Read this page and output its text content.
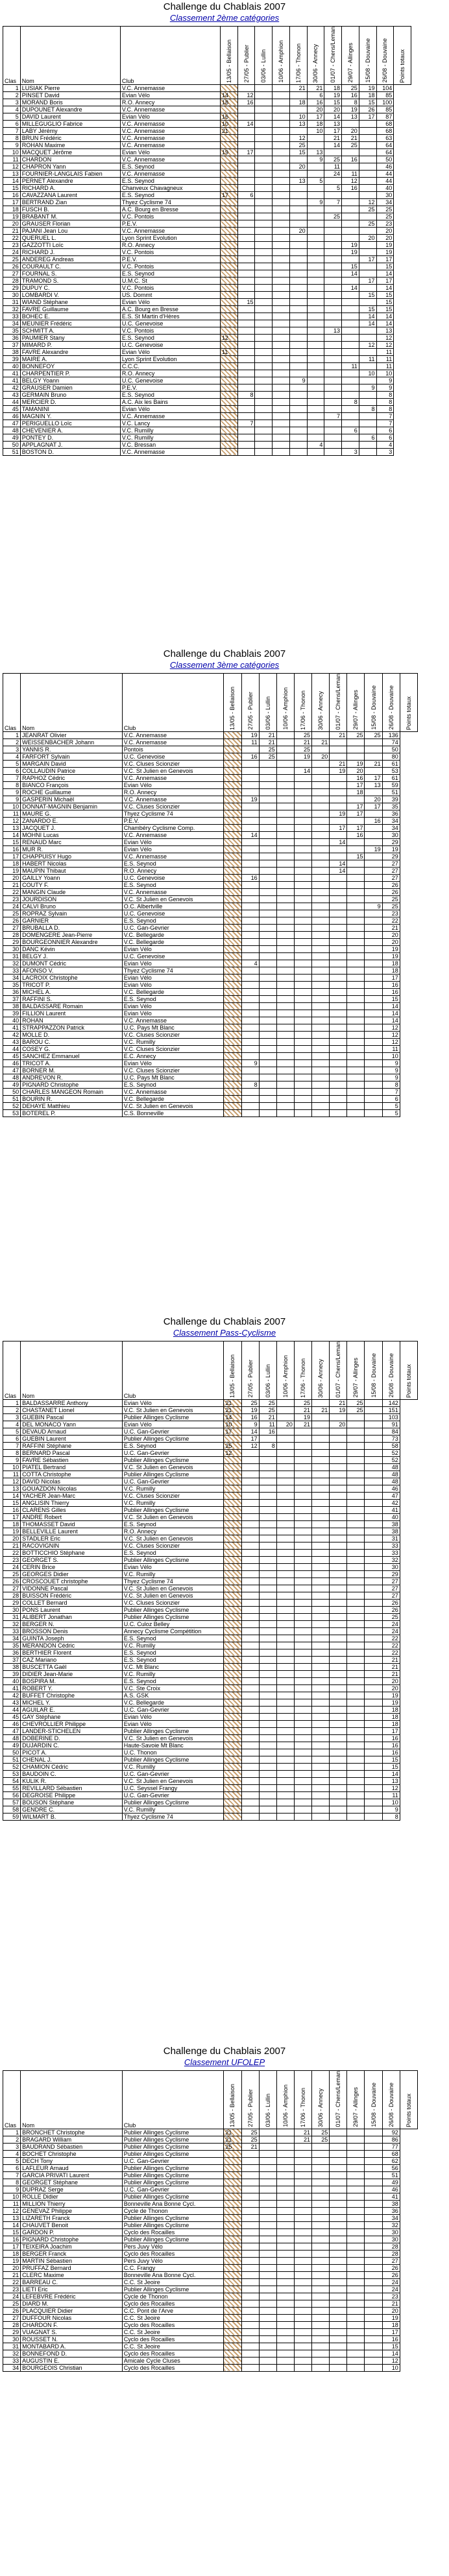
Challenge du Chablais 2007
Classement 2ème catégories
Clas	Nom	Club	13/05 - Bellaison	27/05 - Publier	03/06 - Lullin	10/06 - Amphion	17/06 - Thonon	30/06 - Annecy	01/07 - Chens/Leman	29/07 - Allinges	15/08 - Douvaine	26/08 - Douvaine	Points totaux
1	LUSIAK Pierre	V.C. Annemasse					21	21	18	25	19	104	
2	PINSET David	Evian Vélo	14	12				6	19	16	18	85	
3	MORAND Boris	R.O. Annecy	18	16			18	16	15	8	15	100	
4	DUPOUNET Alexandre	V.C. Annemasse						20	20	19	26	85	
5	DAVID Laurent	Evian Vélo	16				10	17	14	13	17	87	
6	MILLEGUGLIO Fabrice	V.C. Annemasse	10	14			13	18	13			68	
7	LABY Jérémy	V.C. Annemasse	21					10	17	20		68	
8	BRUN Frédéric	V.C. Annemasse					12		21	21		63	
9	ROHAN Maxime	V.C. Annemasse					25		14	25		64	
10	MACQUET Jérôme	Evian Vélo	19	17			15	13				64	
11	CHARDON	V.C. Annemasse						9	25	16		50	
12	CHAPRON Yann	E.S. Seynod					20		11			46	
13	FOURNIER-LANGLAIS Fabien	V.C. Annemasse							24	11		44	
14	PERNET Alexandre	E.S. Seynod					13	5		12		44	
15	RICHARD A.	Chanveux Chavagneux							5	16		40	
16	CAVAZZANA Laurent	E.S. Seynod	17	6								30	
17	BERTRAND Zian	Thyez Cyclisme 74						9	7		12	34	
18	FUSCH B.	A.C. Bourg en Bresse									25	25	
19	BRABANT M.	V.C. Pontois							25			25	
20	GRAUSER Florian	P.E.V.									25	23	
21	PAJANI Jean Lou	V.C. Annemasse					20					20	
22	QUERUEL L.	Lyon Sprint Evolution									20	20	
23	GAZZOTTI Loïc	R.O. Annecy								19		19	
24	RICHARD J.	V.C. Pontois								19		19	
25	ANDEREG Andreas	P.E.V.									17	17	
26	COURAULT C.	V.C. Pontois								15		15	
27	FOURNAL S.	E.S. Seynod								14		14	
28	TRAMOND S.	U.M.C. St									17	17	
29	DUPUY C.	V.C. Pontois								14		14	
30	LOMBARDI V.	US. Dommt									15	15	
31	WIAND Stéphane	Evian Vélo		15								15	
32	FAVRE Guillaume	A.C. Bourg en Bresse									15	15	
33	BOHEC E.	E.S. St Martin d'Hères									14	14	
34	MEUNIER Frédéric	U.C. Genevoise									14	14	
35	SCHMITT A.	V.C. Pontois							13			13	
36	PAUMIER Stany	E.S. Seynod	12									12	
37	MIMARD P.	U.C. Genevoise									12	12	
38	FAVRE Alexandre	Evian Vélo	11									11	
39	MAIRE A.	Lyon Sprint Evolution									11	11	
40	BONNEFOY	C.C.C.								11		11	
41	CHARPENTIER P.	R.O. Annecy									10	10	
41	BELGY Yoann	U.C. Genevoise					9					9	
42	GRAUSER Damien	P.E.V.									9	9	
43	GERMAIN Bruno	E.S. Seynod		8								8	
44	MERCIER D.	A.C. Aix les Bains								8		8	
45	TAMANINI	Evian Vélo									8	8	
46	MAGNIN Y.	V.C. Annemasse							7			7	
47	PERIGUELLO Loïc	V.C. Lancy		7								7	
48	CHEVENIER A.	V.C. Rumilly								6		6	
49	PONTEY D.	V.C. Rumilly									6	6	
50	APPLAGNAT J.	V.C. Bressan						4				4	
51	BOSTON D.	V.C. Annemasse								3		3	
Challenge du Chablais 2007
Classement 3ème catégories
Clas	Nom	Club	13/05 - Bellaison	27/05 - Publier	03/06 - Lullin	10/06 - Amphion	17/06 - Thonon	30/06 - Annecy	01/07 - Chens/Leman	29/07 - Allinges	15/08 - Douvaine	26/08 - Douvaine	Points totaux
1	JEANRAT Olivier	V.C. Annemasse		19	21		25		21	25	25	136	
2	WEISSENBACHER Johann	V.C. Annemasse		11	21		21	21				74	
3	YANNIS R.	Pontois			25		25					50	
4	FARFORT Sylvain	U.C. Genevoise		16	25		19	20				80	
5	MARGAIN David	V.C. Cluses Scionzier							21	19	21	61	
6	COLLAUDIN Patrice	V.C. St Julien en Genevois					14		19	20		53	
7	RAPHOZ Cédric	V.C. Annemasse								16	17	61	
8	BIANCO François	Evian Vélo								17	13	59	
9	ROCHE Guillaume	R.O. Annecy								18		51	
9	GASPERIN Michaël	V.C. Annemasse		19							20	39	
10	DONNAT-MAGNIN Benjamin	V.C. Cluses Scionzier								17	17	35	
11	MAURE G.	Thyez Cyclisme 74							19	17		36	
12	ZANARDO E.	P.E.V.									16	34	
13	JACQUET J.	Chambéry Cyclisme Comp.							17	17		34	
14	MOHNI Lucas	V.C. Annemasse		14						16		30	
15	RENAUD Marc	Evian Vélo							14			29	
16	MUR R.	Evian Vélo									19	19	
17	CHAPPUISY Hugo	V.C. Annemasse								15		29	
18	HABERT Nicolas	E.S. Seynod							14			27	
19	MAUPIN Thibaut	R.O. Annecy							14			27	
20	GAILLY Yoann	U.C. Genevoise		16								27	
21	COUTY F.	E.S. Seynod										26	
22	MANGIN Claude	V.C. Annemasse										26	
23	JOURDISON	V.C. St Julien en Genevois										25	
24	CALVI Bruno	O.C. Albertville									9	25	
25	ROPRAZ Sylvain	U.C. Genevoise										23	
26	GARNIER	E.S. Seynod										22	
27	BRUBALLA D.	U.C. Gan-Gevrier										21	
28	DOMENGERE Jean-Pierre	V.C. Bellegarde										20	
29	BOURGEONNIER Alexandre	V.C. Bellegarde										20	
30	DANC Kévin	Evian Vélo										19	
31	BELGY J.	U.C. Genevoise										19	
32	DUMONT Cédric	Evian Vélo		4								18	
33	AFONSO V.	Thyez Cyclisme 74										18	
34	LACROIX Christophe	Evian Vélo										17	
35	TRICOT P.	Evian Vélo										16	
36	MICHEL A.	V.C. Bellegarde										16	
37	RAFFINI S.	E.S. Seynod										15	
38	BALDASSARE Romain	Evian Vélo										14	
39	FILLION Laurent	Evian Vélo										14	
40	ROHAN	V.C. Annemasse										14	
41	STRAPPAZZON Patrick	U.C. Pays Mt Blanc										12	
42	MOLLE D.	V.C. Cluses Scionzier										12	
43	BAROU C.	V.C. Rumilly										12	
44	COSEY G.	V.C. Cluses Scionzier										11	
45	SANCHEZ Emmanuel	E.C. Annecy										10	
46	TRICOT A.	Evian Vélo		9								9	
47	BORNER M.	V.C. Cluses Scionzier										9	
48	ANDREVON R.	U.C. Pays Mt Blanc										9	
49	PIGNARD Christophe	E.S. Seynod		8								8	
50	CHARLES MANGEON Romain	V.C. Annemasse										7	
51	BOURIN R.	V.C. Bellegarde										6	
52	DEHAYE Matthieu	V.C. St Julien en Genevois										5	
53	BOTEREL P.	C.S. Bonneville										5	
Challenge du Chablais 2007
Classement Pass-Cyclisme
Clas	Nom	Club	13/05 - Bellaison	27/05 - Publier	03/06 - Lullin	10/06 - Amphion	17/06 - Thonon	30/06 - Annecy	01/07 - Chens/Leman	29/07 - Allinges	15/08 - Douvaine	26/08 - Douvaine	Points totaux
1	BALDASSARRE Anthony	Evian Vélo	21	25	25		25		21	25		142	
2	CHASTANET Lionel	V.C. St Julien en Genevois	21	19	25		21	21	19	25		151	
3	GUEBIN Pascal	Publier Allinges Cyclisme	14	16	21		19					103	
4	DEL MONACO Yann	Evian Vélo	10	9	11	20	21		20			91	
5	DEVAUD Arnaud	U.C. Gan-Gevrier	17	14	16							84	
6	GUEBIN Laurent	Publier Allinges Cyclisme		17								73	
7	RAFFINI Stéphane	E.S. Seynod	25	12	8							58	
8	BERNARD Pascal	U.C. Gan-Gevrier	12									52	
9	FAVRE Sébastien	Publier Allinges Cyclisme										52	
10	PIATEL Bertrand	V.C. St Julien en Genevois										48	
11	COTTA Christophe	Publier Allinges Cyclisme										48	
12	DAVID Nicolas	U.C. Gan-Gevrier										48	
13	GOUAZDON Nicolas	V.C. Rumilly										46	
14	YACHER Jean-Marc	V.C. Cluses Scionzier										47	
15	ANGLISIN Thierry	V.C. Rumilly										42	
16	CLARENS Gilles	Publier Allinges Cyclisme										41	
17	ANDRE Robert	V.C. St Julien en Genevois										40	
18	THOMASSET David	E.S. Seynod										38	
19	BELLEVILLE Laurent	R.O. Annecy										38	
20	STADLER Eric	V.C. St Julien en Genevois										31	
21	RACOVIGNIN	V.C. Cluses Scionzier										33	
22	BOTTICCHIO Stéphane	E.S. Seynod										33	
23	GEORGET S.	Publier Allinges Cyclisme										32	
24	CERIN Brice	Evian Vélo										30	
25	GEORGES Didier	V.C. Rumilly										29	
26	CROSCOUET christophe	Thyez Cyclisme 74										27	
27	VIDONNE Pascal	V.C. St Julien en Genevois										27	
28	BUISSON Frédéric	V.C. St Julien en Genevois										27	
29	COLLET Bernard	V.C. Cluses Scionzier										26	
30	PONS Laurent	Publier Allinges Cyclisme										26	
31	ALIBERT Jonathan	Publier Allinges Cyclisme										25	
32	BERGER N.	U.C. Culoz Belley										24	
33	BROSSON Denis	Annecy Cyclisme Compétition										24	
34	GUINTA Joseph	E.S. Seynod										22	
35	MERANDON Cédric	V.C. Rumilly										22	
36	BERTHIER Florent	E.S. Seynod										22	
37	CAZ Mariano	E.S. Seynod										21	
38	BUSCETTA Gaël	V.C. Mt Blanc										21	
39	DIDIER Jean-Marie	V.C. Rumilly										21	
40	BOSPIRA M.	E.S. Seynod										20	
41	ROBERT Y.	V.C. Ste Croix										20	
42	BUFFET Christophe	A.S. GSK										19	
43	MICHEL Y.	V.C. Bellegarde										19	
44	AGUILAR E.	U.C. Gan-Gevrier										18	
45	GAY Stéphane	Evian Vélo										18	
46	CHEVROLLIER Philippe	Evian Vélo										18	
47	LANDER-STICHELEN	Publier Allinges Cyclisme										17	
48	DOBERINE D.	V.C. St Julien en Genevois										16	
49	DUJARDIN C.	Haute-Savoie Mt Blanc										16	
50	PICOT A.	U.C. Thonon										16	
51	CHENAL J.	Publier Allinges Cyclisme										15	
52	CHAMION Cédric	V.C. Rumilly										15	
53	BAUDOIN C.	U.C. Gan-Gevrier										14	
54	KULIK R.	V.C. St Julien en Genevois										13	
55	REVILLARD Sébastien	U.C. Seyssel Frangy										12	
56	DEGROISE Philippe	U.C. Gan-Gevrier										11	
57	BOUSON Stéphane	Publier Allinges Cyclisme										10	
58	GENDRE C.	V.C. Rumilly										9	
59	WILMART B.	Thyez Cyclisme 74										8	
Challenge du Chablais 2007
Classement UFOLEP
Clas	Nom	Club	13/05 - Bellaison	27/05 - Publier	03/06 - Lullin	10/06 - Amphion	17/06 - Thonon	30/06 - Annecy	01/07 - Chens/Leman	29/07 - Allinges	15/08 - Douvaine	26/08 - Douvaine	Points totaux
1	BRONCHET Christophe	Publier Allinges Cyclisme	21	25			21	25				92	
2	BRAGARD William	Publier Allinges Cyclisme	21	25			21	25				86	
3	BAUDRAND Sébastien	Publier Allinges Cyclisme	25	21								77	
4	BOCHET Christophe	Publier Allinges Cyclisme										68	
5	DECH Tony	U.C. Gan-Gevrier										62	
6	LAFLEUR Arnaud	Publier Allinges Cyclisme										56	
7	GARCIA PRIVATI Laurent	Publier Allinges Cyclisme										51	
8	GEORGET Stéphane	Publier Allinges Cyclisme										49	
9	DUPRAZ Serge	U.C. Gan-Gevrier										46	
10	ROLLE Didier	Publier Allinges Cyclisme										41	
11	MILLION Thierry	Bonneville Ana Bonne Cycl.										38	
12	GENEVAZ Philippe	Cycle de Thonon										36	
13	LIZARETH Franck	Publier Allinges Cyclisme										34	
14	CHAUVET Benoit	Publier Allinges Cyclisme										32	
15	GARDON P.	Cyclo des Rocailles										30	
16	PIGNARD Christophe	Publier Allinges Cyclisme										30	
17	TEIXEIRA Joachim	Pers Juvy Vélo										28	
18	BERGER Franck	Cyclo des Rocailles										28	
19	MARTIN Sébastien	Pers Juvy Vélo										27	
20	PRUFFAZ Bernard	C.C. Frangy										26	
21	CLERC Maxime	Bonneville Ana Bonne Cycl.										26	
22	BARREAU C.	C.C. St Jeoire										24	
23	LIETI Eric	Publier Allinges Cyclisme										24	
24	LEFEBVRE Frédéric	Cycle de Thonon										23	
25	DIARD M.	Cyclo des Rocailles										21	
26	PLACQUIER Didier	C.C. Pont de l'Arve										20	
27	DUFFOUR Nicolas	C.C. St Jeoire										19	
28	CHARDON F.	Cyclo des Rocailles										18	
29	VUAGNAT S.	C.C. St Jeoire										17	
30	ROUSSET N.	Cyclo des Rocailles										16	
31	MONTABARD A.	C.C. St Jeoire										15	
32	BONNEFOND D.	Cyclo des Rocailles										14	
33	AUGUSTIN E.	Amicale Cycle Cluses										12	
34	BOURGEOIS Christian	Cyclo des Rocailles										10	
